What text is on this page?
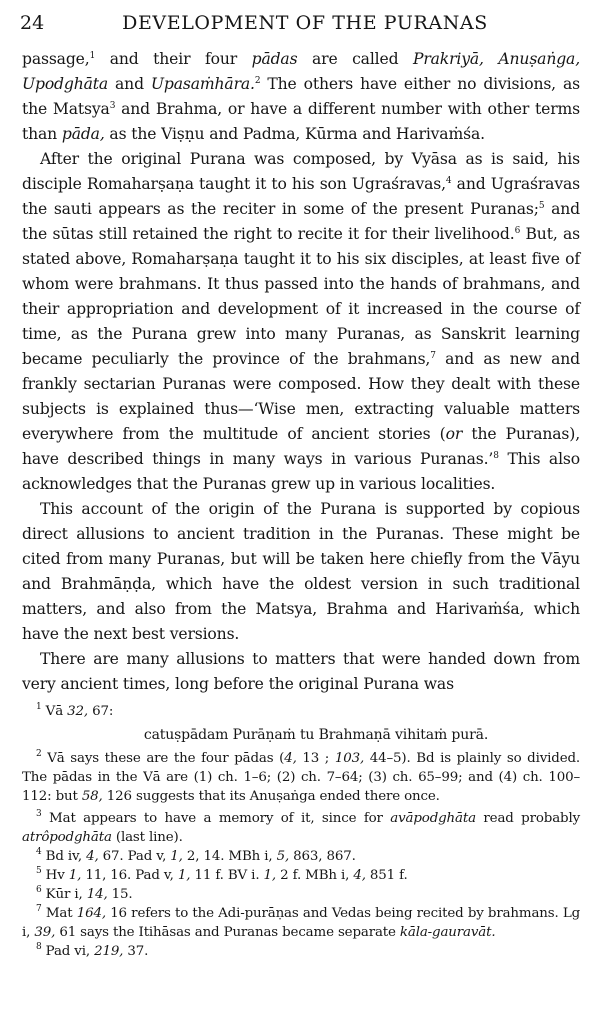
24	DEVELOPMENT OF THE PURANAS

passage,$^1$ and their four pādas are called Prakriyā, Anuṣaṅga, Upodghāta and Upasaṁhāra.$^2$ The others have either no divisions, as the Matsya$^3$ and Brahma, or have a different number with other terms than pāda, as the Viṣṇu and Padma, Kūrma and Harivaṁśa.

After the original Purana was composed, by Vyāsa as is said, his disciple Romaharṣaṇa taught it to his son Ugraśravas,$^4$ and Ugraśravas the sauti appears as the reciter in some of the present Puranas;$^5$ and the sūtas still retained the right to recite it for their livelihood.$^6$ But, as stated above, Romaharṣaṇa taught it to his six disciples, at least five of whom were brahmans. It thus passed into the hands of brahmans, and their appropriation and development of it increased in the course of time, as the Purana grew into many Puranas, as Sanskrit learning became peculiarly the province of the brahmans,$^7$ and as new and frankly sectarian Puranas were composed. How they dealt with these subjects is explained thus—‘Wise men, extracting valuable matters everywhere from the multitude of ancient stories (or the Puranas), have described things in many ways in various Puranas.’$^8$ This also acknowledges that the Puranas grew up in various localities.

This account of the origin of the Purana is supported by copious direct allusions to ancient tradition in the Puranas. These might be cited from many Puranas, but will be taken here chiefly from the Vāyu and Brahmāṇḍa, which have the oldest version in such traditional matters, and also from the Matsya, Brahma and Harivaṁśa, which have the next best versions.

There are many allusions to matters that were handed down from very ancient times, long before the original Purana was

$^1$ Vā 32, 67:

catuṣpādam Purāṇaṁ tu Brahmaṇā vihitaṁ purā.

$^2$ Vā says these are the four pādas (4, 13 ; 103, 44–5). Bd is plainly so divided. The pādas in the Vā are (1) ch. 1–6; (2) ch. 7–64; (3) ch. 65–99; and (4) ch. 100–112: but 58, 126 suggests that its Anuṣaṅga ended there once.

$^3$ Mat appears to have a memory of it, since for avāpodghāta read probably atrôpodghāta (last line).

$^4$ Bd iv, 4, 67. Pad v, 1, 2, 14. MBh i, 5, 863, 867.

$^5$ Hv 1, 11, 16. Pad v, 1, 11 f. BV i. 1, 2 f. MBh i, 4, 851 f.

$^6$ Kūr i, 14, 15.

$^7$ Mat 164, 16 refers to the Adi-purāṇas and Vedas being recited by brahmans. Lg i, 39, 61 says the Itihāsas and Puranas became separate kāla-gauravāt.

$^8$ Pad vi, 219, 37.
